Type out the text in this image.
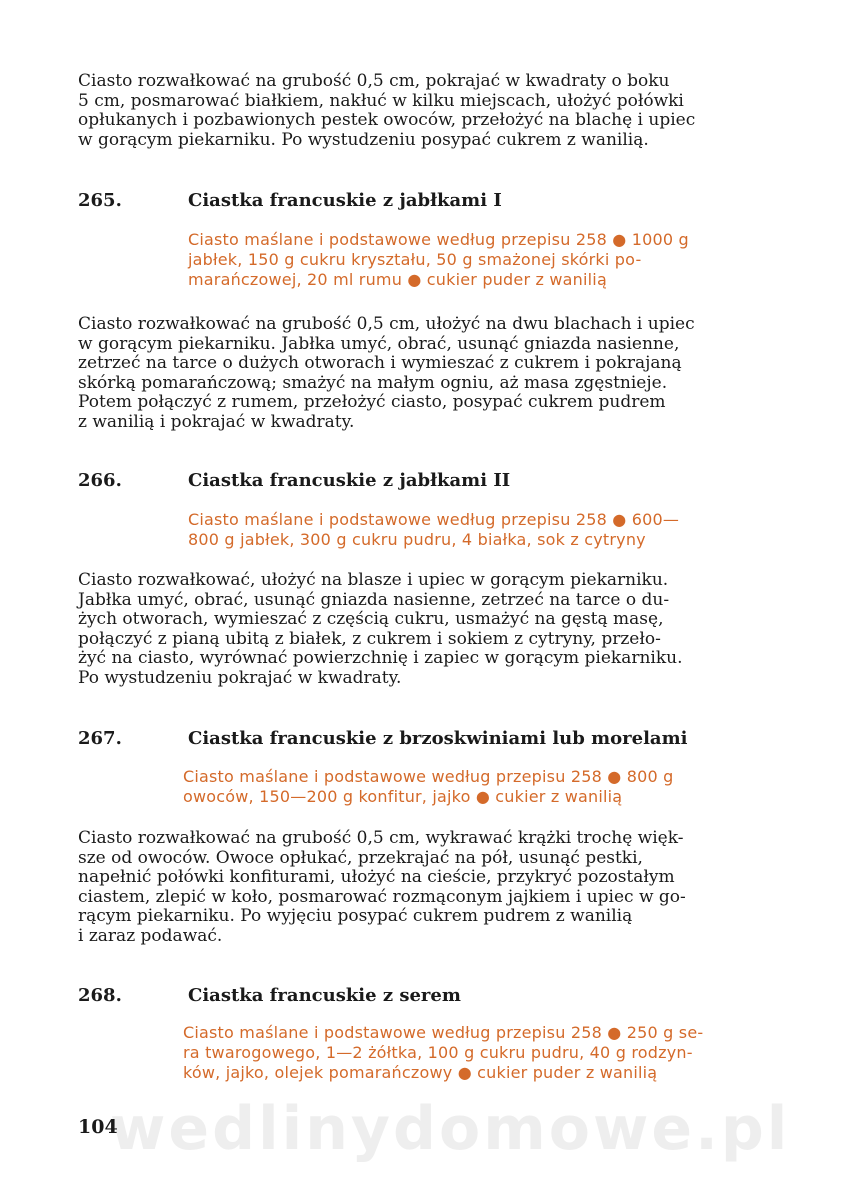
Ciasto rozwałkować na grubość 0,5 cm, pokrajać w kwadraty o boku
5 cm, posmarować białkiem, nakłuć w kilku miejscach, ułożyć połówki
opłukanych i pozbawionych pestek owoców, przełożyć na blachę i upiec
w gorącym piekarniku. Po wystudzeniu posypać cukrem z wanilią.
265.	Ciastka francuskie z jabłkami I
Ciasto maślane i podstawowe według przepisu 258 ● 1000 g
jabłek, 150 g cukru kryształu, 50 g smażonej skórki po-
marańczowej, 20 ml rumu ● cukier puder z wanilią
Ciasto rozwałkować na grubość 0,5 cm, ułożyć na dwu blachach i upiec
w gorącym piekarniku. Jabłka umyć, obrać, usunąć gniazda nasienne,
zetrzeć na tarce o dużych otworach i wymieszać z cukrem i pokrajaną
skórką pomarańczową; smażyć na małym ogniu, aż masa zgęstnieje.
Potem połączyć z rumem, przełożyć ciasto, posypać cukrem pudrem
z wanilią i pokrajać w kwadraty.
266.	Ciastka francuskie z jabłkami II
Ciasto maślane i podstawowe według przepisu 258 ● 600—
800 g jabłek, 300 g cukru pudru, 4 białka, sok z cytryny
Ciasto rozwałkować, ułożyć na blasze i upiec w gorącym piekarniku.
Jabłka umyć, obrać, usunąć gniazda nasienne, zetrzeć na tarce o du-
żych otworach, wymieszać z częścią cukru, usmażyć na gęstą masę,
połączyć z pianą ubitą z białek, z cukrem i sokiem z cytryny, przeło-
żyć na ciasto, wyrównać powierzchnię i zapiec w gorącym piekarniku.
Po wystudzeniu pokrajać w kwadraty.
267.	Ciastka francuskie z brzoskwiniami lub morelami
Ciasto maślane i podstawowe według przepisu 258 ● 800 g
owoców, 150—200 g konfitur, jajko ● cukier z wanilią
Ciasto rozwałkować na grubość 0,5 cm, wykrawać krążki trochę więk-
sze od owoców. Owoce opłukać, przekrajać na pół, usunąć pestki,
napełnić połówki konfiturami, ułożyć na cieście, przykryć pozostałym
ciastem, zlepić w koło, posmarować rozmąconym jajkiem i upiec w go-
rącym piekarniku. Po wyjęciu posypać cukrem pudrem z wanilią
i zaraz podawać.
268.	Ciastka francuskie z serem
Ciasto maślane i podstawowe według przepisu 258 ● 250 g se-
ra twarogowego, 1—2 żółtka, 100 g cukru pudru, 40 g rodzyn-
ków, jajko, olejek pomarańczowy ● cukier puder z wanilią
wedlinydomowe.pl
104
